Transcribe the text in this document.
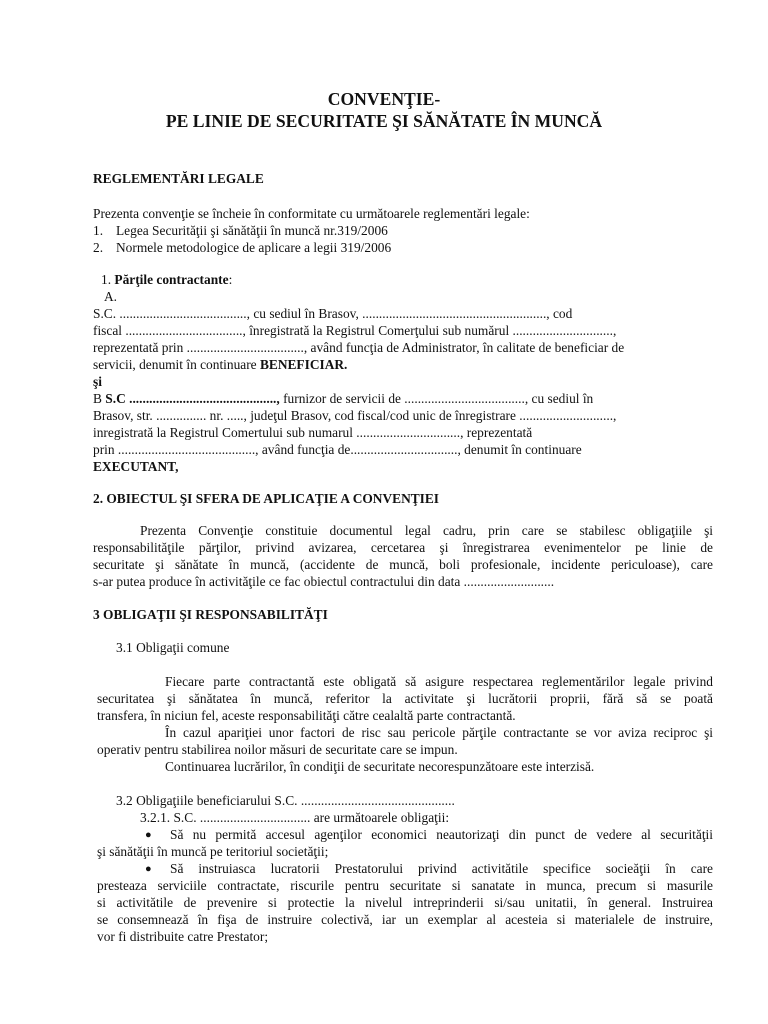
CONVENŢIE-
PE LINIE DE SECURITATE ŞI SĂNĂTATE ÎN MUNCĂ
REGLEMENTĂRI LEGALE
Prezenta convenţie se încheie în conformitate cu următoarele reglementări legale:
1. Legea Securităţii şi sănătăţii în muncă nr.319/2006
2. Normele metodologice de aplicare a legii 319/2006
1. Părţile contractante:
A.
S.C. ......................................, cu sediul în Brasov, ......................................................., cod
fiscal ..................................., înregistrată la Registrul Comerţului sub numărul ..............................,
reprezentată prin ..................................., având funcţia de Administrator, în calitate de beneficiar de
servicii, denumit în continuare BENEFICIAR.
şi
B S.C ............................................, furnizor de servicii de ...................................., cu sediul în
Brasov, str. ............... nr. ....., judeţul Brasov, cod fiscal/cod unic de înregistrare ............................,
inregistrată la Registrul Comertului sub numarul ..............................., reprezentată
prin ........................................., având funcţia de................................, denumit în continuare
EXECUTANT,
2. OBIECTUL ŞI SFERA DE APLICAŢIE A CONVENŢIEI
Prezenta Convenţie constituie documentul legal cadru, prin care se stabilesc obligaţiile şi
responsabilităţile părţilor, privind avizarea, cercetarea şi înregistrarea evenimentelor pe linie de
securitate şi sănătate în muncă, (accidente de muncă, boli profesionale, incidente periculoase), care
s-ar putea produce în activităţile ce fac obiectul contractului din data ...........................
3 OBLIGAŢII ŞI RESPONSABILITĂŢI
3.1 Obligaţii comune
Fiecare parte contractantă este obligată să asigure respectarea reglementărilor legale privind
securitatea şi sănătatea în muncă, referitor la activitate şi lucrătorii proprii, fără să se poată
transfera, în niciun fel, aceste responsabilităţi către cealaltă parte contractantă.
În cazul apariţiei unor factori de risc sau pericole părţile contractante se vor aviza reciproc şi
operativ pentru stabilirea noilor măsuri de securitate care se impun.
Continuarea lucrărilor, în condiţii de securitate necorespunzătoare este interzisă.
3.2 Obligaţiile beneficiarului S.C. ..............................................
3.2.1. S.C. ................................. are următoarele obligaţii:
● Să nu permită accesul agenţilor economici neautorizaţi din punct de vedere al securităţii
şi sănătăţii în muncă pe teritoriul societăţii;
● Să instruiasca lucratorii Prestatorului privind activitătile specifice socieăţii în care
presteaza serviciile contractate, riscurile pentru securitate si sanatate in munca, precum si masurile
si activitătile de prevenire si protectie la nivelul intreprinderii si/sau unitatii, în general. Instruirea
se consemnează în fişa de instruire colectivă, iar un exemplar al acesteia si materialele de instruire,
vor fi distribuite catre Prestator;
